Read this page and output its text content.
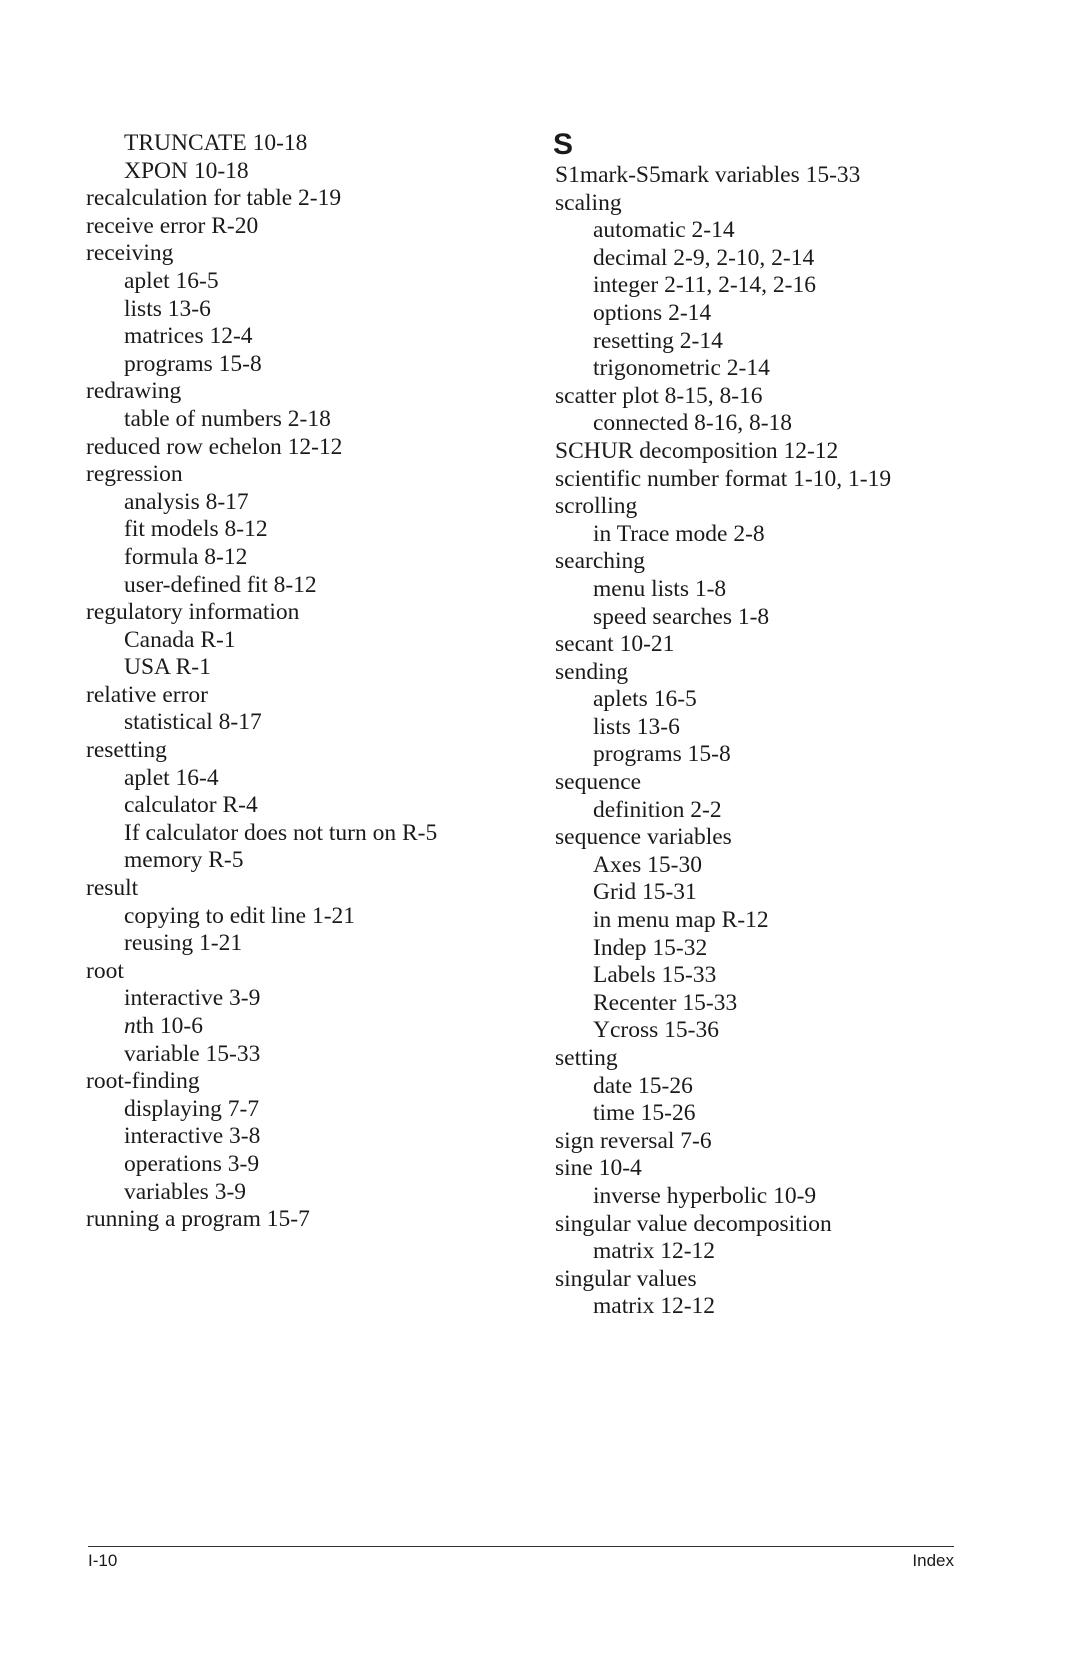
TRUNCATE 10-18
XPON 10-18
recalculation for table 2-19
receive error R-20
receiving
aplet 16-5
lists 13-6
matrices 12-4
programs 15-8
redrawing
table of numbers 2-18
reduced row echelon 12-12
regression
analysis 8-17
fit models 8-12
formula 8-12
user-defined fit 8-12
regulatory information
Canada R-1
USA R-1
relative error
statistical 8-17
resetting
aplet 16-4
calculator R-4
If calculator does not turn on R-5
memory R-5
result
copying to edit line 1-21
reusing 1-21
root
interactive 3-9
nth 10-6
variable 15-33
root-finding
displaying 7-7
interactive 3-8
operations 3-9
variables 3-9
running a program 15-7
S
S1mark-S5mark variables 15-33
scaling
automatic 2-14
decimal 2-9, 2-10, 2-14
integer 2-11, 2-14, 2-16
options 2-14
resetting 2-14
trigonometric 2-14
scatter plot 8-15, 8-16
connected 8-16, 8-18
SCHUR decomposition 12-12
scientific number format 1-10, 1-19
scrolling
in Trace mode 2-8
searching
menu lists 1-8
speed searches 1-8
secant 10-21
sending
aplets 16-5
lists 13-6
programs 15-8
sequence
definition 2-2
sequence variables
Axes 15-30
Grid 15-31
in menu map R-12
Indep 15-32
Labels 15-33
Recenter 15-33
Ycross 15-36
setting
date 15-26
time 15-26
sign reversal 7-6
sine 10-4
inverse hyperbolic 10-9
singular value decomposition
matrix 12-12
singular values
matrix 12-12
I-10	Index
